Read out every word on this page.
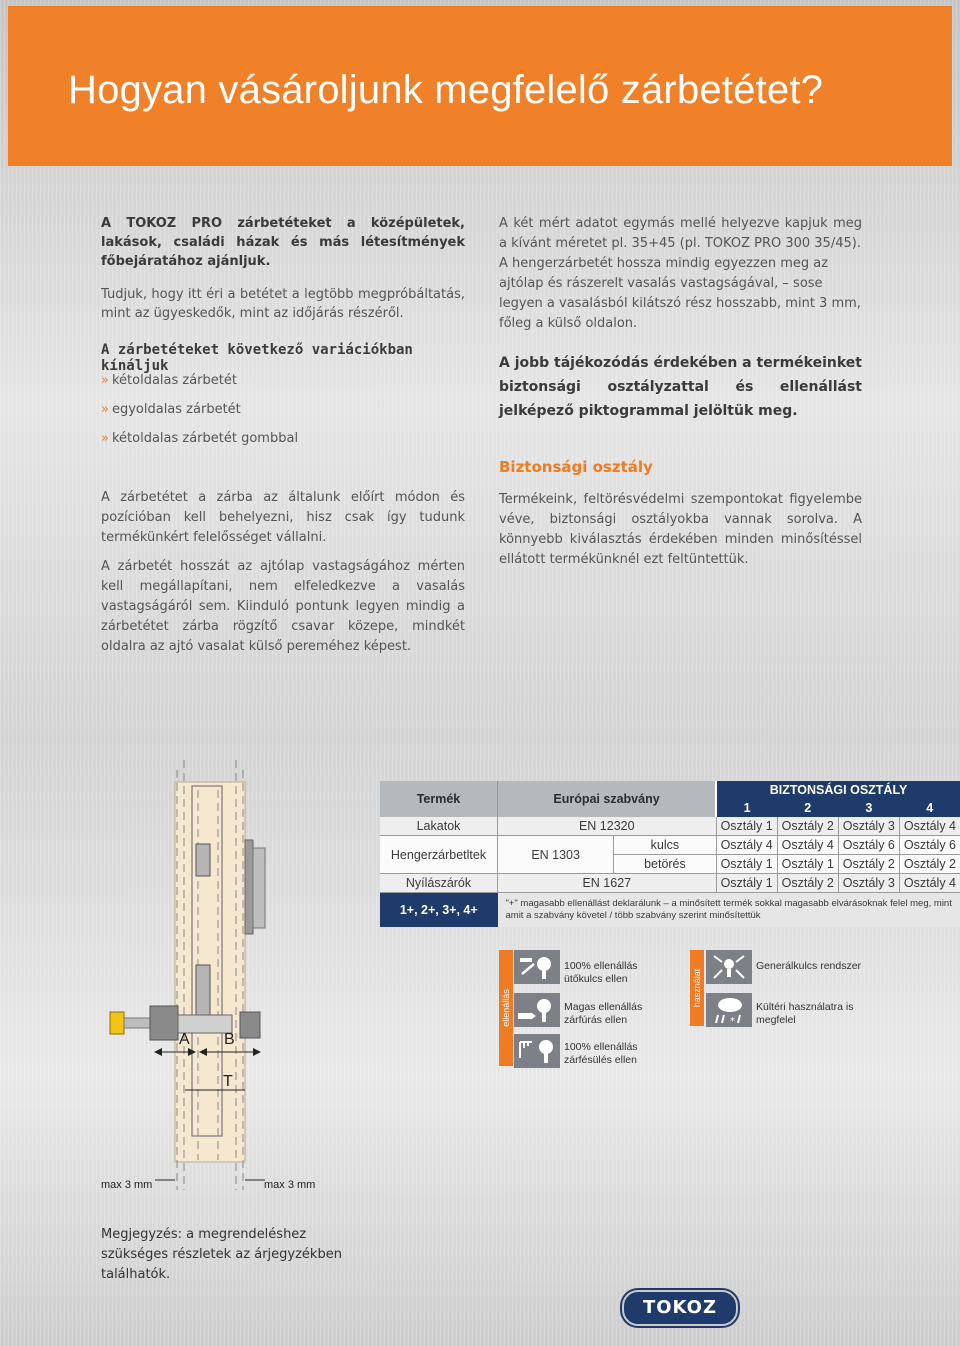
Hogyan vásároljunk megfelelő zárbetétet?
A TOKOZ PRO zárbetéteket a középületek, lakások, családi házak és más létesítmények főbejáratához ajánljuk.
Tudjuk, hogy itt éri a betétet a legtöbb megpróbáltatás, mint az ügyeskedők, mint az időjárás részéről.
A zárbetéteket következő variációkban kínáljuk
» kétoldalas zárbetét
» egyoldalas zárbetét
» kétoldalas zárbetét gombbal
A zárbetétet a zárba az általunk előírt módon és pozícióban kell behelyezni, hisz csak így tudunk termékünkért felelősséget vállalni.
A zárbetét hosszát az ajtólap vastagságához mérten kell megállapítani, nem elfeledkezve a vasalás vastagságáról sem. Kiinduló pontunk legyen mindig a zárbetétet zárba rögzítő csavar közepe, mindkét oldalra az ajtó vasalat külső pereméhez képest.
A két mért adatot egymás mellé helyezve kapjuk meg a kívánt méretet pl. 35+45 (pl. TOKOZ PRO 300 35/45).
A hengerzárbetét hossza mindig egyezzen meg az ajtólap és rászerelt vasalás vastagságával, – sose legyen a vasalásból kilátszó rész hosszabb, mint 3 mm, főleg a külső oldalon.
A jobb tájékozódás érdekében a termékeinket biztonsági osztályzattal és ellenállást jelképező piktogrammal jelöltük meg.
Biztonsági osztály
Termékeink, feltörésvédelmi szempontokat figyelembe véve, biztonsági osztályokba vannak sorolva. A könnyebb kiválasztás érdekében minden minősítéssel ellátott termékünknél ezt feltüntettük.
A B
T
max 3 mm	max 3 mm
Termék	Európai szabvány		BIZTONSÁGI OSZTÁLY			
			1	2	3	4
Lakatok	EN 12320		Osztály 1	Osztály 2	Osztály 3	Osztály 4
Hengerzárbetltek	EN 1303	kulcs	Osztály 4	Osztály 4	Osztály 6	Osztály 6
		betörés	Osztály 1	Osztály 1	Osztály 2	Osztály 2
Nyílászárók	EN 1627		Osztály 1	Osztály 2	Osztály 3	Osztály 4
1+, 2+, 3+, 4+	"+" magasabb ellenállást deklarálunk – a minősített termék sokkal magasabb elvárásoknak felel meg, mint amit a szabvány követel / több szabvány szerint minősítettük					
ellenállás
100% ellenállás ütőkulcs ellen
Magas ellenállás zárfúrás ellen
100% ellenállás zárfésülés ellen
használat
Generálkulcs rendszer
*
Kültéri használatra is megfelel
Megjegyzés: a megrendeléshez szükséges részletek az árjegyzékben találhatók.
TOKOZ
